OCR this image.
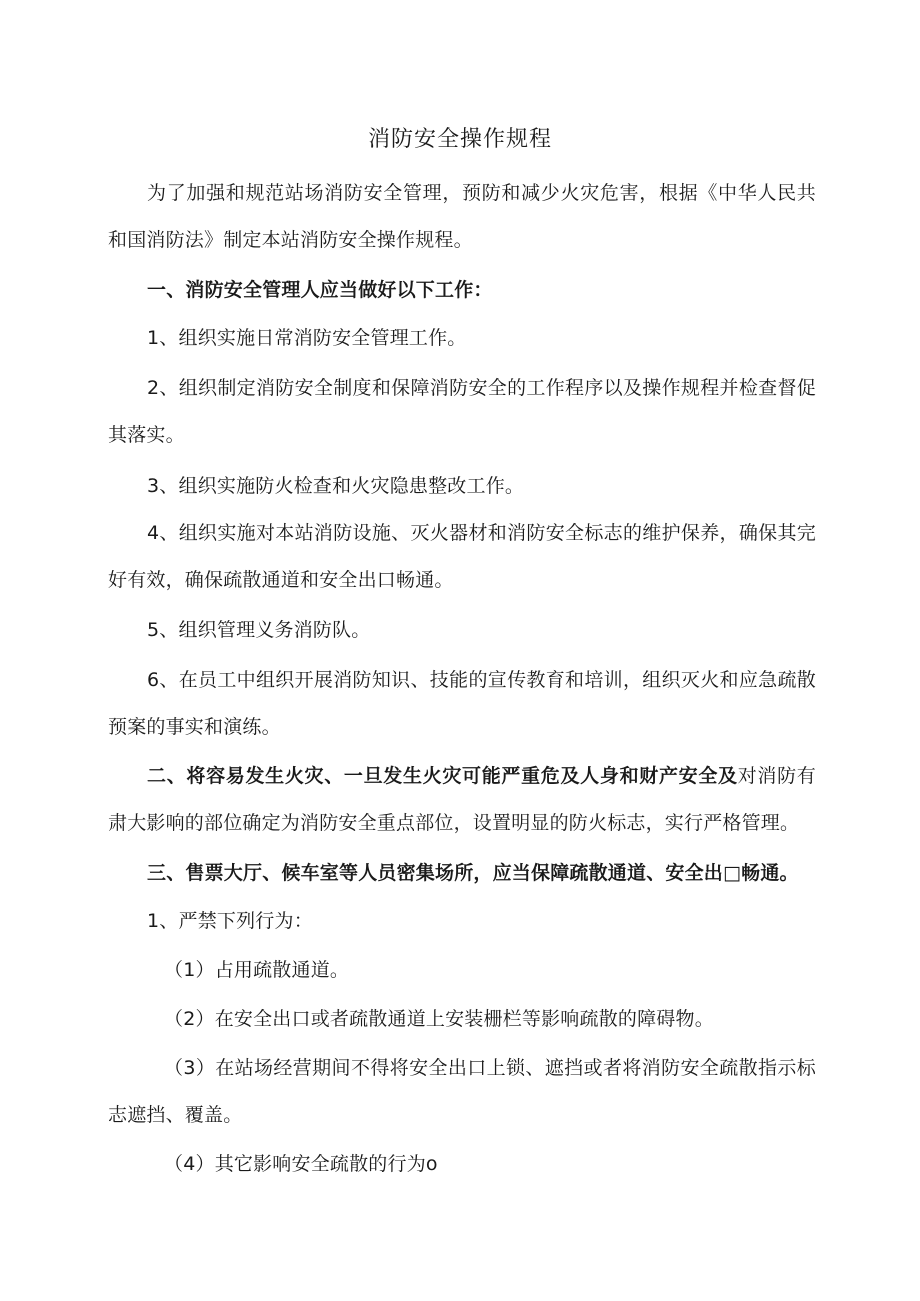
消防安全操作规程

为了加强和规范站场消防安全管理，预防和减少火灾危害，根据《中华人民共和国消防法》制定本站消防安全操作规程。

一、消防安全管理人应当做好以下工作：

1、组织实施日常消防安全管理工作。

2、组织制定消防安全制度和保障消防安全的工作程序以及操作规程并检查督促其落实。

3、组织实施防火检查和火灾隐患整改工作。

4、组织实施对本站消防设施、灭火器材和消防安全标志的维护保养，确保其完好有效，确保疏散通道和安全出口畅通。

5、组织管理义务消防队。

6、在员工中组织开展消防知识、技能的宣传教育和培训，组织灭火和应急疏散预案的事实和演练。

二、将容易发生火灾、一旦发生火灾可能严重危及人身和财产安全及对消防有肃大影响的部位确定为消防安全重点部位，设置明显的防火标志，实行严格管理。

三、售票大厅、候车室等人员密集场所，应当保障疏散通道、安全出□畅通。

1、严禁下列行为：

（1）占用疏散通道。

（2）在安全出口或者疏散通道上安装栅栏等影响疏散的障碍物。

（3）在站场经营期间不得将安全出口上锁、遮挡或者将消防安全疏散指示标志遮挡、覆盖。

（4）其它影响安全疏散的行为o
